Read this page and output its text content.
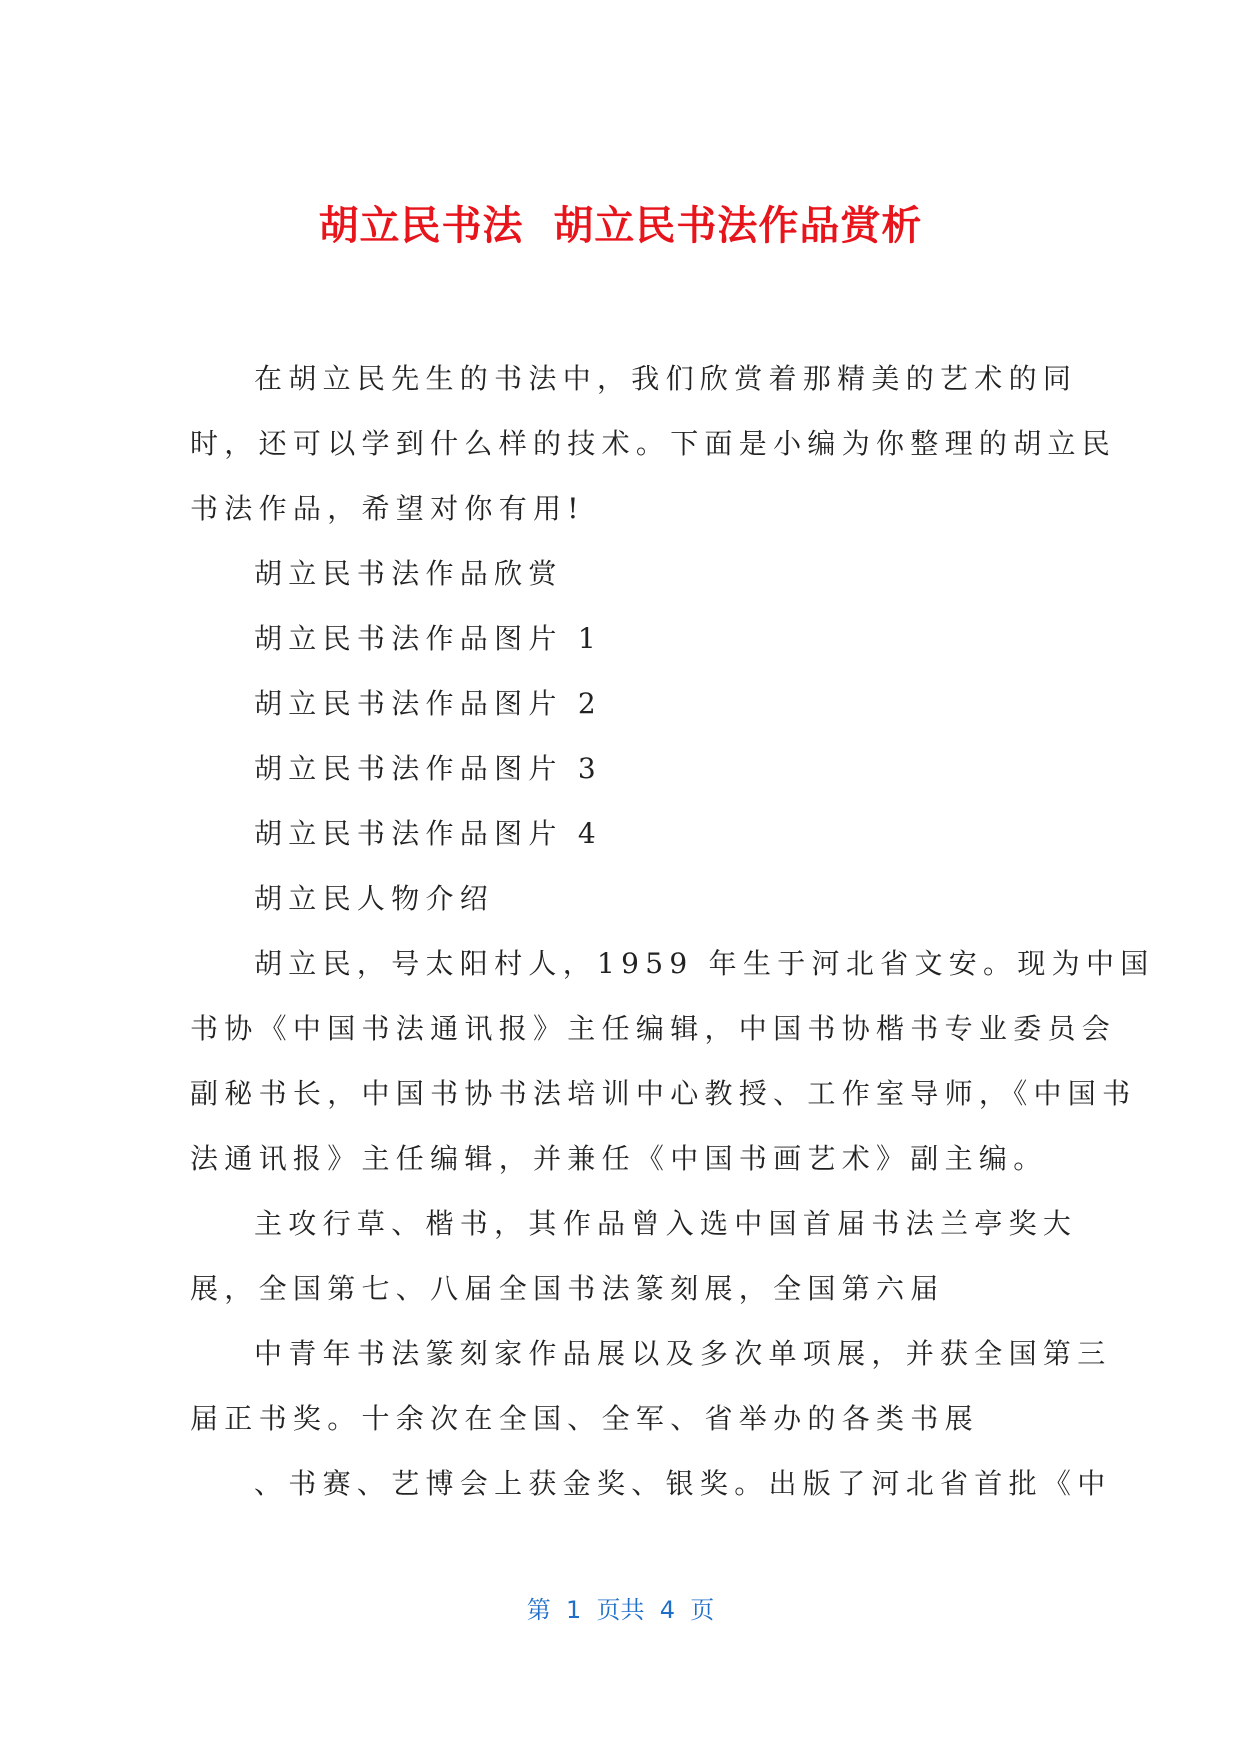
胡立民书法  胡立民书法作品赏析
在胡立民先生的书法中，我们欣赏着那精美的艺术的同
时，还可以学到什么样的技术。下面是小编为你整理的胡立民
书法作品，希望对你有用!
胡立民书法作品欣赏
胡立民书法作品图片 1
胡立民书法作品图片 2
胡立民书法作品图片 3
胡立民书法作品图片 4
胡立民人物介绍
胡立民，号太阳村人，1959 年生于河北省文安。现为中国
书协《中国书法通讯报》主任编辑，中国书协楷书专业委员会
副秘书长，中国书协书法培训中心教授、工作室导师，《中国书
法通讯报》主任编辑，并兼任《中国书画艺术》副主编。
主攻行草、楷书，其作品曾入选中国首届书法兰亭奖大
展，全国第七、八届全国书法篆刻展，全国第六届
中青年书法篆刻家作品展以及多次单项展，并获全国第三
届正书奖。十余次在全国、全军、省举办的各类书展
、书赛、艺博会上获金奖、银奖。出版了河北省首批《中
第  1  页共  4  页
